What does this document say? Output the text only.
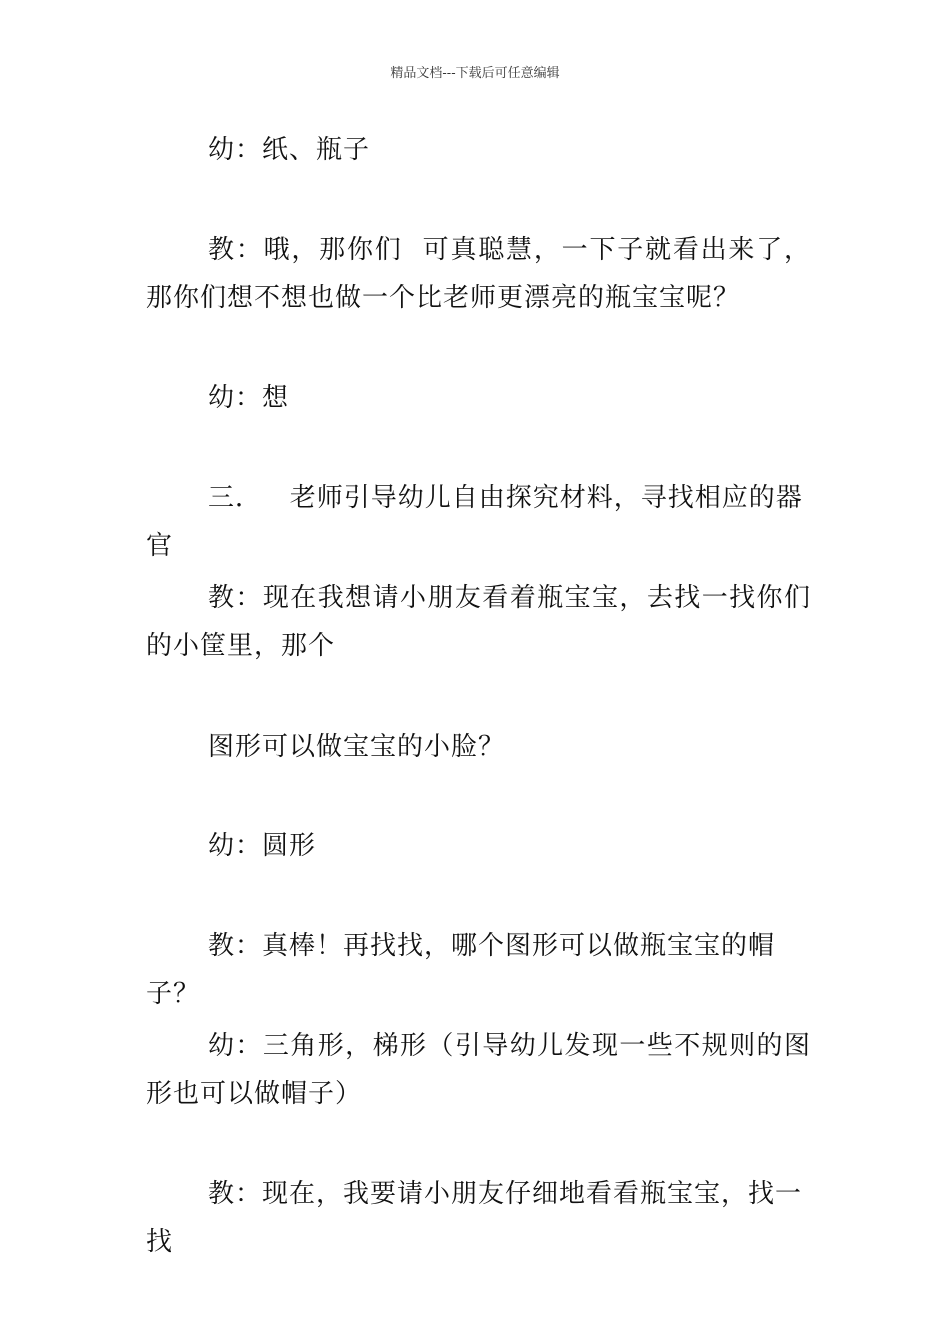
精品文档---下载后可任意编辑

幼：纸、瓶子

教：哦，那你们  可真聪慧，一下子就看出来了，那你们想不想也做一个比老师更漂亮的瓶宝宝呢？

幼：想

三．   老师引导幼儿自由探究材料，寻找相应的器官

教：现在我想请小朋友看着瓶宝宝，去找一找你们的小筐里，那个

图形可以做宝宝的小脸？

幼：圆形

教：真棒！再找找，哪个图形可以做瓶宝宝的帽子？

幼：三角形，梯形（引导幼儿发现一些不规则的图形也可以做帽子）

教：现在，我要请小朋友仔细地看看瓶宝宝，找一找
